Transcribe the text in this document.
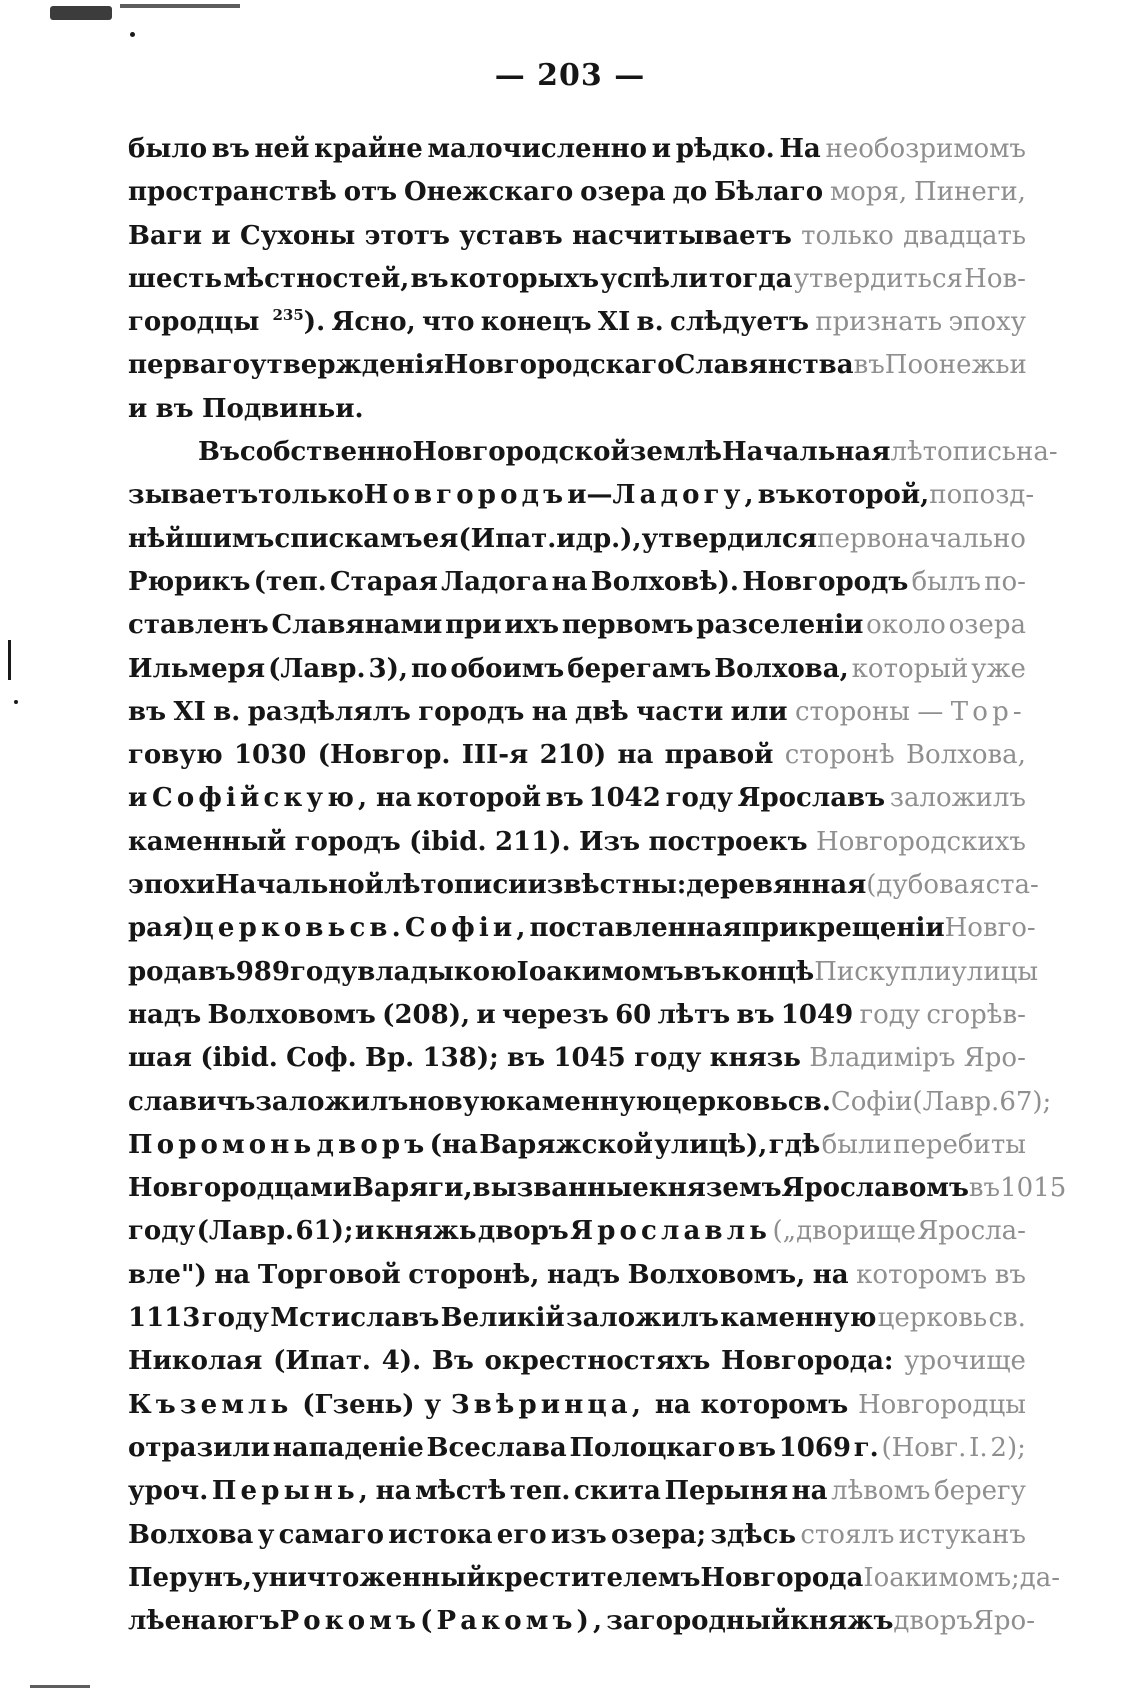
— 203 —
было въ ней крайне малочисленно и рѣдко. На необозримомъ
пространствѣ отъ Онежскаго озера до Бѣлаго моря, Пинеги,
Ваги и Сухоны этотъ уставъ насчитываетъ только двадцать
шесть мѣстностей, въ которыхъ успѣли тогда утвердиться Нов-
городцы $^{235}$). Ясно, что конецъ XI в. слѣдуетъ признать эпоху
перваго утвержденія Новгородскаго Славянства въ Поонежьи
и въ Подвиньи.
Въ собственно Новгородской землѣ Начальная лѣтопись на-
зываетъ только Новгородъ и — Ладогу, въ которой, по позд-
нѣйшимъ спискамъ ея (Ипат. и др.), утвердился первоначально
Рюрикъ (теп. Старая Ладога на Волховѣ). Новгородъ былъ по-
ставленъ Славянами при ихъ первомъ разселеніи около озера
Ильмеря (Лавр. 3), по обоимъ берегамъ Волхова, который уже
въ XI в. раздѣлялъ городъ на двѣ части или стороны — Тор-
говую 1030 (Новгор. III-я 210) на правой сторонѣ Волхова,
и Софійскую, на которой въ 1042 году Ярославъ заложилъ
каменный городъ (ibid. 211). Изъ построекъ Новгородскихъ
эпохи Начальной лѣтописи извѣстны: деревянная (дубовая ста-
рая) церковь св. Софіи, поставленная при крещеніи Новго-
рода въ 989 году владыкою Іоакимомъ въ концѣ Пискупли улицы
надъ Волховомъ (208), и черезъ 60 лѣтъ въ 1049 году сгорѣв-
шая (ibid. Соф. Вр. 138); въ 1045 году князь Владиміръ Яро-
славичъ заложилъ новую каменную церковь св. Софіи (Лавр. 67);
Поромонь дворъ (на Варяжской улицѣ), гдѣ были перебиты
Новгородцами Варяги, вызванные княземъ Ярославомъ въ 1015
году (Лавр. 61); и княжь дворъ Ярославль („дворище Яросла-
вле") на Торговой сторонѣ, надъ Волховомъ, на которомъ въ
1113 году Мстиславъ Великій заложилъ каменную церковь св.
Николая (Ипат. 4). Въ окрестностяхъ Новгорода: урочище
Къземль (Гзень) у Звѣринца, на которомъ Новгородцы
отразили нападеніе Всеслава Полоцкаго въ 1069 г. (Новг. I. 2);
уроч. Перынь, на мѣстѣ теп. скита Перыня на лѣвомъ берегу
Волхова у самаго истока его изъ озера; здѣсь стоялъ истуканъ
Перунъ, уничтоженный крестителемъ Новгорода Іоакимомъ; да-
лѣе на югъ Рокомъ (Ракомъ), загородный княжъ дворъ Яро-
